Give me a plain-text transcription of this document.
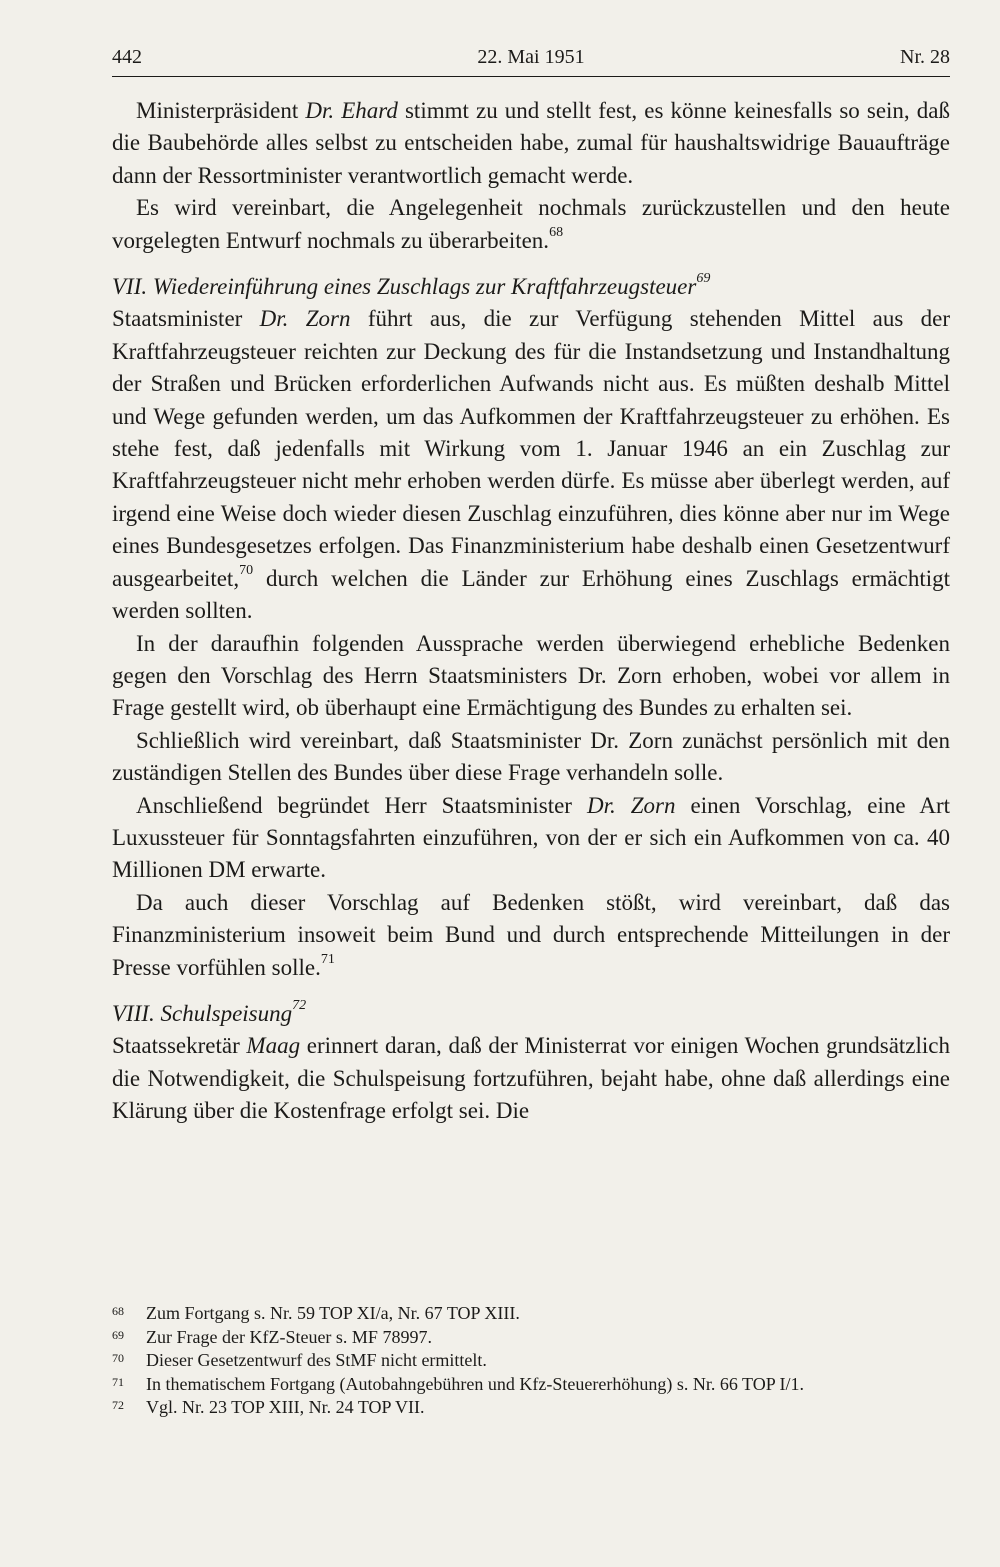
442	22. Mai 1951	Nr. 28

Ministerpräsident Dr. Ehard stimmt zu und stellt fest, es könne keinesfalls so sein, daß die Baubehörde alles selbst zu entscheiden habe, zumal für haushaltswidrige Bauaufträge dann der Ressortminister verantwortlich gemacht werde.

Es wird vereinbart, die Angelegenheit nochmals zurückzustellen und den heute vorgelegten Entwurf nochmals zu überarbeiten.$^{68}$

VII. Wiedereinführung eines Zuschlags zur Kraftfahrzeugsteuer$^{69}$

Staatsminister Dr. Zorn führt aus, die zur Verfügung stehenden Mittel aus der Kraftfahrzeugsteuer reichten zur Deckung des für die Instandsetzung und Instandhaltung der Straßen und Brücken erforderlichen Aufwands nicht aus. Es müßten deshalb Mittel und Wege gefunden werden, um das Aufkommen der Kraftfahrzeugsteuer zu erhöhen. Es stehe fest, daß jedenfalls mit Wirkung vom 1. Januar 1946 an ein Zuschlag zur Kraftfahrzeugsteuer nicht mehr erhoben werden dürfe. Es müsse aber überlegt werden, auf irgend eine Weise doch wieder diesen Zuschlag einzuführen, dies könne aber nur im Wege eines Bundesgesetzes erfolgen. Das Finanzministerium habe deshalb einen Gesetzentwurf ausgearbeitet,$^{70}$ durch welchen die Länder zur Erhöhung eines Zuschlags ermächtigt werden sollten.

In der daraufhin folgenden Aussprache werden überwiegend erhebliche Bedenken gegen den Vorschlag des Herrn Staatsministers Dr. Zorn erhoben, wobei vor allem in Frage gestellt wird, ob überhaupt eine Ermächtigung des Bundes zu erhalten sei.

Schließlich wird vereinbart, daß Staatsminister Dr. Zorn zunächst persönlich mit den zuständigen Stellen des Bundes über diese Frage verhandeln solle.

Anschließend begründet Herr Staatsminister Dr. Zorn einen Vorschlag, eine Art Luxussteuer für Sonntagsfahrten einzuführen, von der er sich ein Aufkommen von ca. 40 Millionen DM erwarte.

Da auch dieser Vorschlag auf Bedenken stößt, wird vereinbart, daß das Finanzministerium insoweit beim Bund und durch entsprechende Mitteilungen in der Presse vorfühlen solle.$^{71}$

VIII. Schulspeisung$^{72}$

Staatssekretär Maag erinnert daran, daß der Ministerrat vor einigen Wochen grundsätzlich die Notwendigkeit, die Schulspeisung fortzuführen, bejaht habe, ohne daß allerdings eine Klärung über die Kostenfrage erfolgt sei. Die

68 Zum Fortgang s. Nr. 59 TOP XI/a, Nr. 67 TOP XIII.
69 Zur Frage der KfZ-Steuer s. MF 78997.
70 Dieser Gesetzentwurf des StMF nicht ermittelt.
71 In thematischem Fortgang (Autobahngebühren und Kfz-Steuererhöhung) s. Nr. 66 TOP I/1.
72 Vgl. Nr. 23 TOP XIII, Nr. 24 TOP VII.
